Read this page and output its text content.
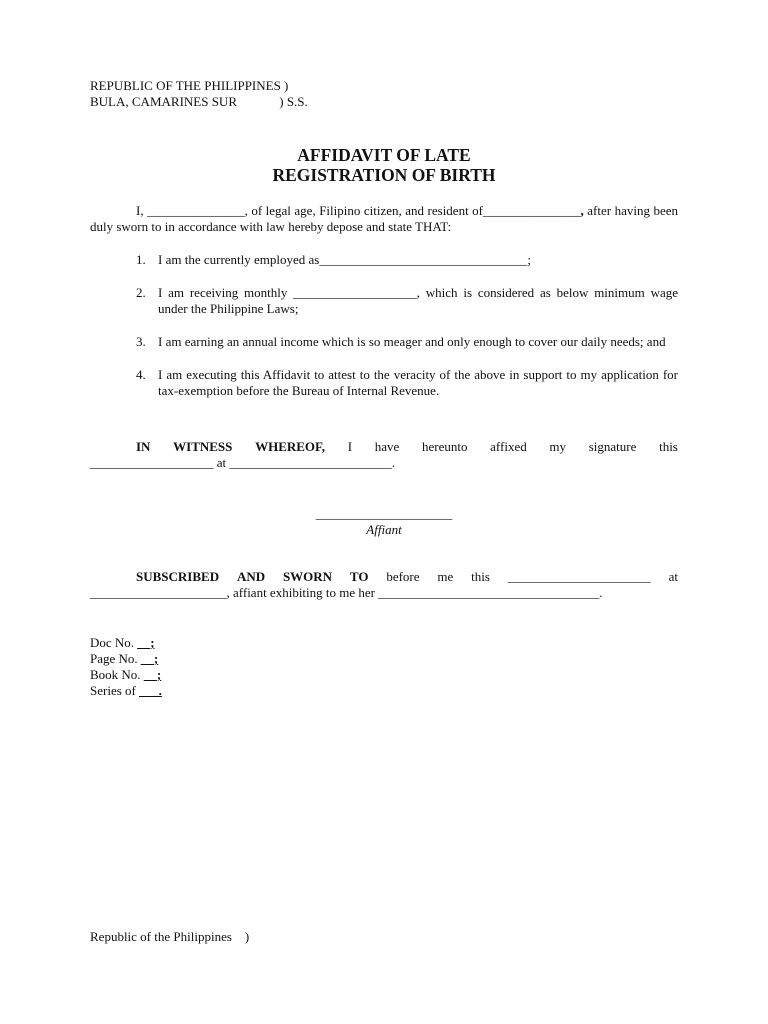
REPUBLIC OF THE PHILIPPINES )
BULA, CAMARINES SUR             ) S.S.
AFFIDAVIT OF LATE
REGISTRATION OF BIRTH
I, _______________, of legal age, Filipino citizen, and resident of_______________, after having been duly sworn to in accordance with law hereby depose and state THAT:
1. I am the currently employed as________________________________;
2. I am receiving monthly ___________________, which is considered as below minimum wage under the Philippine Laws;
3. I am earning an annual income which is so meager and only enough to cover our daily needs; and
4. I am executing this Affidavit to attest to the veracity of the above in support to my application for tax-exemption before the Bureau of Internal Revenue.
IN WITNESS WHEREOF, I have hereunto affixed my signature this
___________________ at _________________________.
_____________________
Affiant
SUBSCRIBED AND SWORN TO before me this ______________________ at
_____________________, affiant exhibiting to me her __________________________________.
Doc No. __;
Page No. __;
Book No. __;
Series of ___.
Republic of the Philippines    )
